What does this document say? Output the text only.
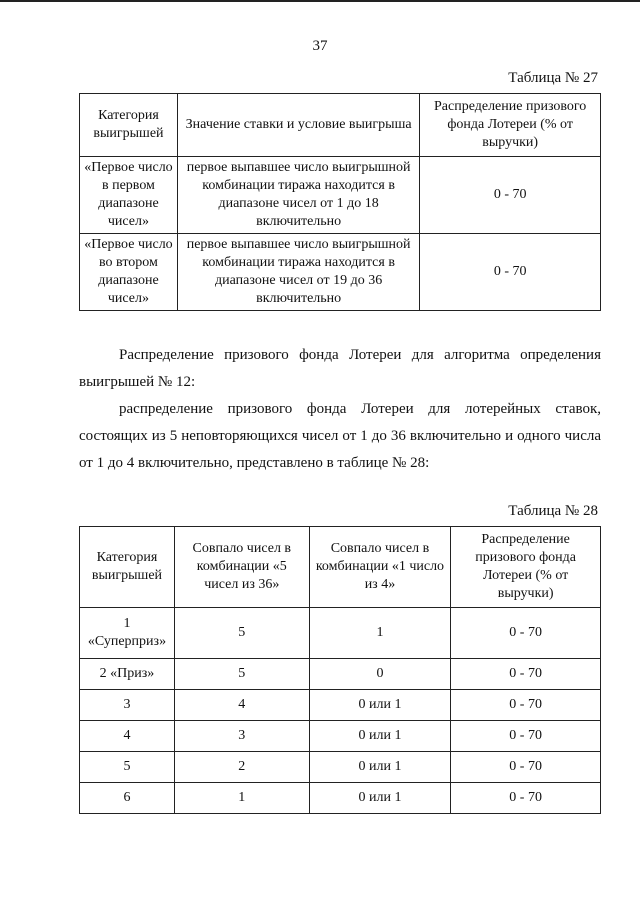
37
Таблица № 27
Категория выигрышей	Значение ставки и условие выигрыша	Распределение призового фонда Лотереи (% от выручки)
«Первое число в первом диапазоне чисел»	первое выпавшее число выигрышной комбинации тиража находится в диапазоне чисел от 1 до 18 включительно	0 - 70
«Первое число во втором диапазоне чисел»	первое выпавшее число выигрышной комбинации тиража находится в диапазоне чисел от 19 до 36 включительно	0 - 70
Распределение призового фонда Лотереи для алгоритма определения выигрышей № 12:
распределение призового фонда Лотереи для лотерейных ставок, состоящих из 5 неповторяющихся чисел от 1 до 36 включительно и одного числа от 1 до 4 включительно, представлено в таблице № 28:
Таблица № 28
Категория выигрышей	Совпало чисел в комбинации «5 чисел из 36»	Совпало чисел в комбинации «1 число из 4»	Распределение призового фонда Лотереи (% от выручки)
1 «Суперприз»	5	1	0 - 70
2 «Приз»	5	0	0 - 70
3	4	0 или 1	0 - 70
4	3	0 или 1	0 - 70
5	2	0 или 1	0 - 70
6	1	0 или 1	0 - 70
